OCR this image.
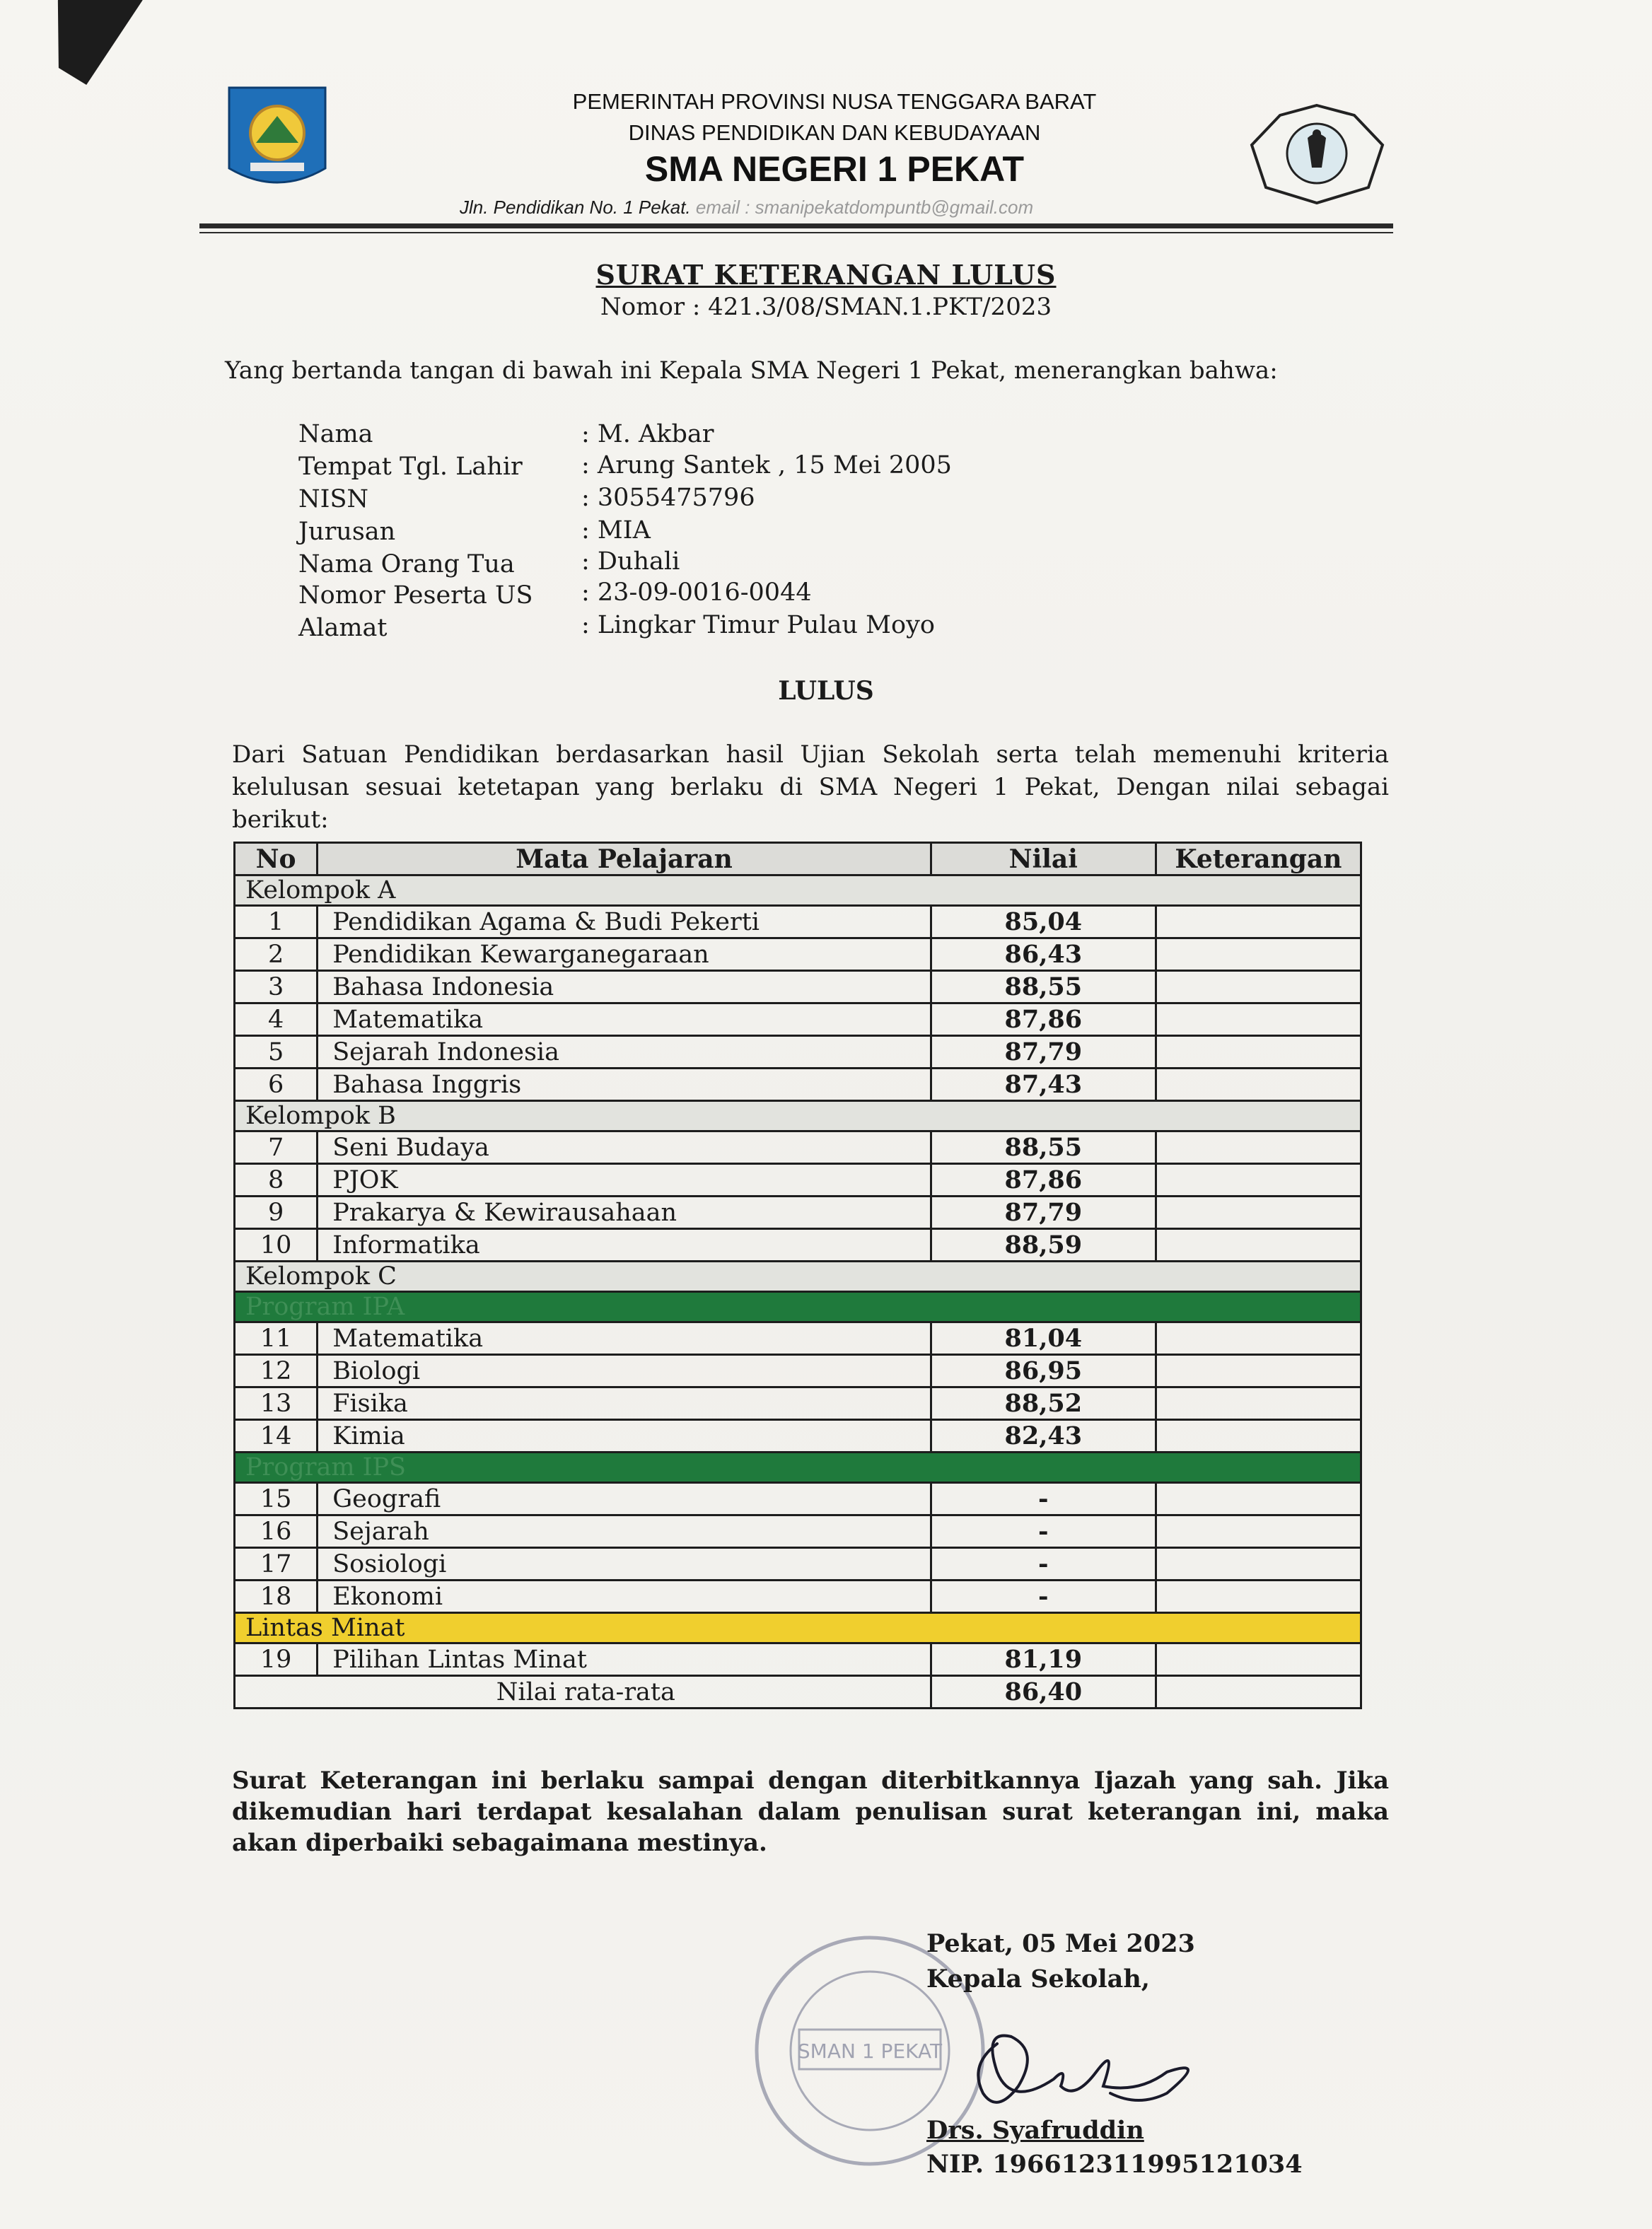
PEMERINTAH PROVINSI NUSA TENGGARA BARAT
DINAS PENDIDIKAN DAN KEBUDAYAAN
SMA NEGERI 1 PEKAT
Jln. Pendidikan No. 1 Pekat. email : smanipekatdompuntb@gmail.com
SURAT KETERANGAN LULUS
Nomor : 421.3/08/SMAN.1.PKT/2023
Yang bertanda tangan di bawah ini Kepala SMA Negeri 1 Pekat, menerangkan bahwa:
Nama	: M. Akbar
Tempat Tgl. Lahir : Arung Santek , 15 Mei 2005
NISN	: 3055475796
Jurusan	: MIA
Nama Orang Tua	: Duhali
Nomor Peserta US : 23-09-0016-0044
Alamat	: Lingkar Timur Pulau Moyo
LULUS
Dari Satuan Pendidikan berdasarkan hasil Ujian Sekolah serta telah memenuhi kriteria kelulusan sesuai ketetapan yang berlaku di SMA Negeri 1 Pekat, Dengan nilai sebagai berikut:
No	Mata Pelajaran	Nilai	Keterangan
Kelompok A			
1	Pendidikan Agama & Budi Pekerti	85,04	
2	Pendidikan Kewarganegaraan	86,43	
3	Bahasa Indonesia	88,55	
4	Matematika	87,86	
5	Sejarah Indonesia	87,79	
6	Bahasa Inggris	87,43	
Kelompok B			
7	Seni Budaya	88,55	
8	PJOK	87,86	
9	Prakarya & Kewirausahaan	87,79	
10	Informatika	88,59	
Kelompok C			
Program IPA			
11	Matematika	81,04	
12	Biologi	86,95	
13	Fisika	88,52	
14	Kimia	82,43	
Program IPS			
15	Geografi	-	
16	Sejarah	-	
17	Sosiologi	-	
18	Ekonomi	-	
Lintas Minat			
19	Pilihan Lintas Minat	81,19	
Nilai rata-rata		86,40	
Surat Keterangan ini berlaku sampai dengan diterbitkannya Ijazah yang sah. Jika dikemudian hari terdapat kesalahan dalam penulisan surat keterangan ini, maka akan diperbaiki sebagaimana mestinya.
SMAN 1 PEKAT
Pekat, 05 Mei 2023
Kepala Sekolah,
Drs. Syafruddin
NIP. 196612311995121034
